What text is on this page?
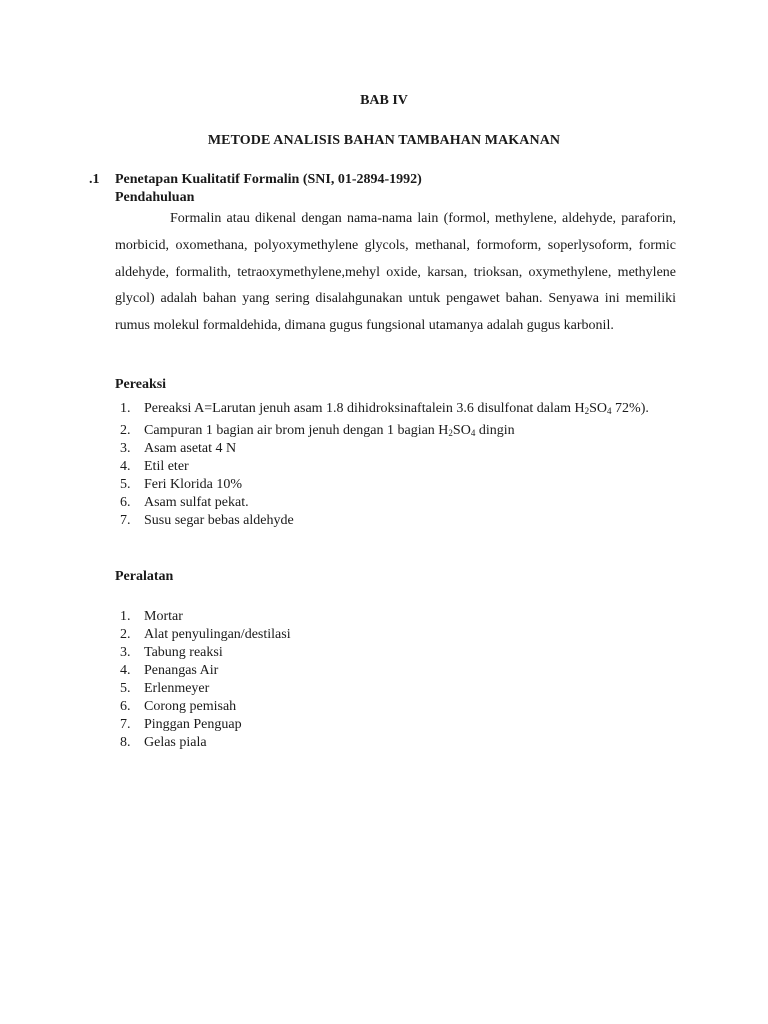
BAB IV
METODE ANALISIS BAHAN TAMBAHAN MAKANAN
.1 Penetapan Kualitatif Formalin (SNI, 01-2894-1992)
Pendahuluan
Formalin atau dikenal dengan nama-nama lain (formol, methylene, aldehyde, paraforin, morbicid, oxomethana, polyoxymethylene glycols, methanal, formoform, soperlysoform, formic aldehyde, formalith, tetraoxymethylene,mehyl oxide, karsan, trioksan, oxymethylene, methylene glycol) adalah bahan yang sering disalahgunakan untuk pengawet bahan. Senyawa ini memiliki rumus molekul formaldehida, dimana gugus fungsional utamanya adalah gugus karbonil.
Pereaksi
1. Pereaksi A=Larutan jenuh asam 1.8 dihidroksinaftalein 3.6 disulfonat dalam $H_2SO_4$ 72%).
2. Campuran 1 bagian air brom jenuh dengan 1 bagian $H_2SO_4$ dingin
3. Asam asetat 4 N
4. Etil eter
5. Feri Klorida 10%
6. Asam sulfat pekat.
7. Susu segar bebas aldehyde
Peralatan
1. Mortar
2. Alat penyulingan/destilasi
3. Tabung reaksi
4. Penangas Air
5. Erlenmeyer
6. Corong pemisah
7. Pinggan Penguap
8. Gelas piala
